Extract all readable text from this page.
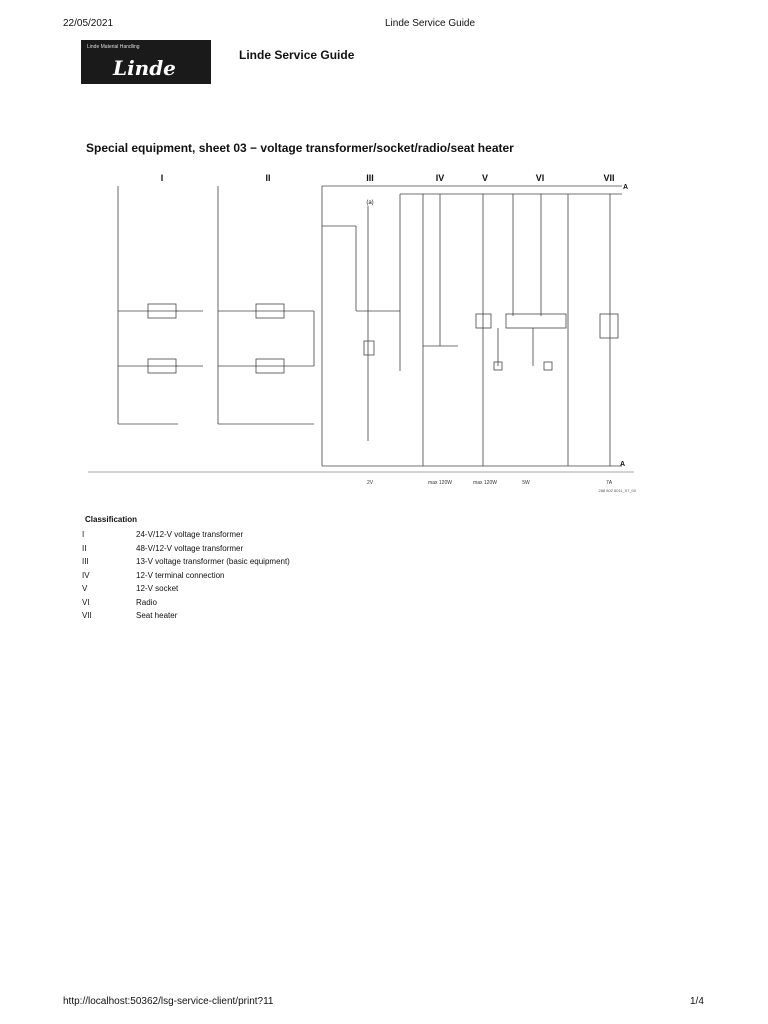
22/05/2021	Linde Service Guide
Linde Material Handling
Linde
Linde Service Guide
Special equipment, sheet 03 − voltage transformer/socket/radio/seat heater
I	II	III	IV	V	VI	VII
(a)
A
A
2V	max 120W	max 120W	5W	7A
288 802 6011_07_00
Classification
I	24-V/12-V voltage transformer
II	48-V/12-V voltage transformer
III	13-V voltage transformer (basic equipment)
IV	12-V terminal connection
V	12-V socket
VI	Radio
VII	Seat heater
http://localhost:50362/lsg-service-client/print?11	1/4
